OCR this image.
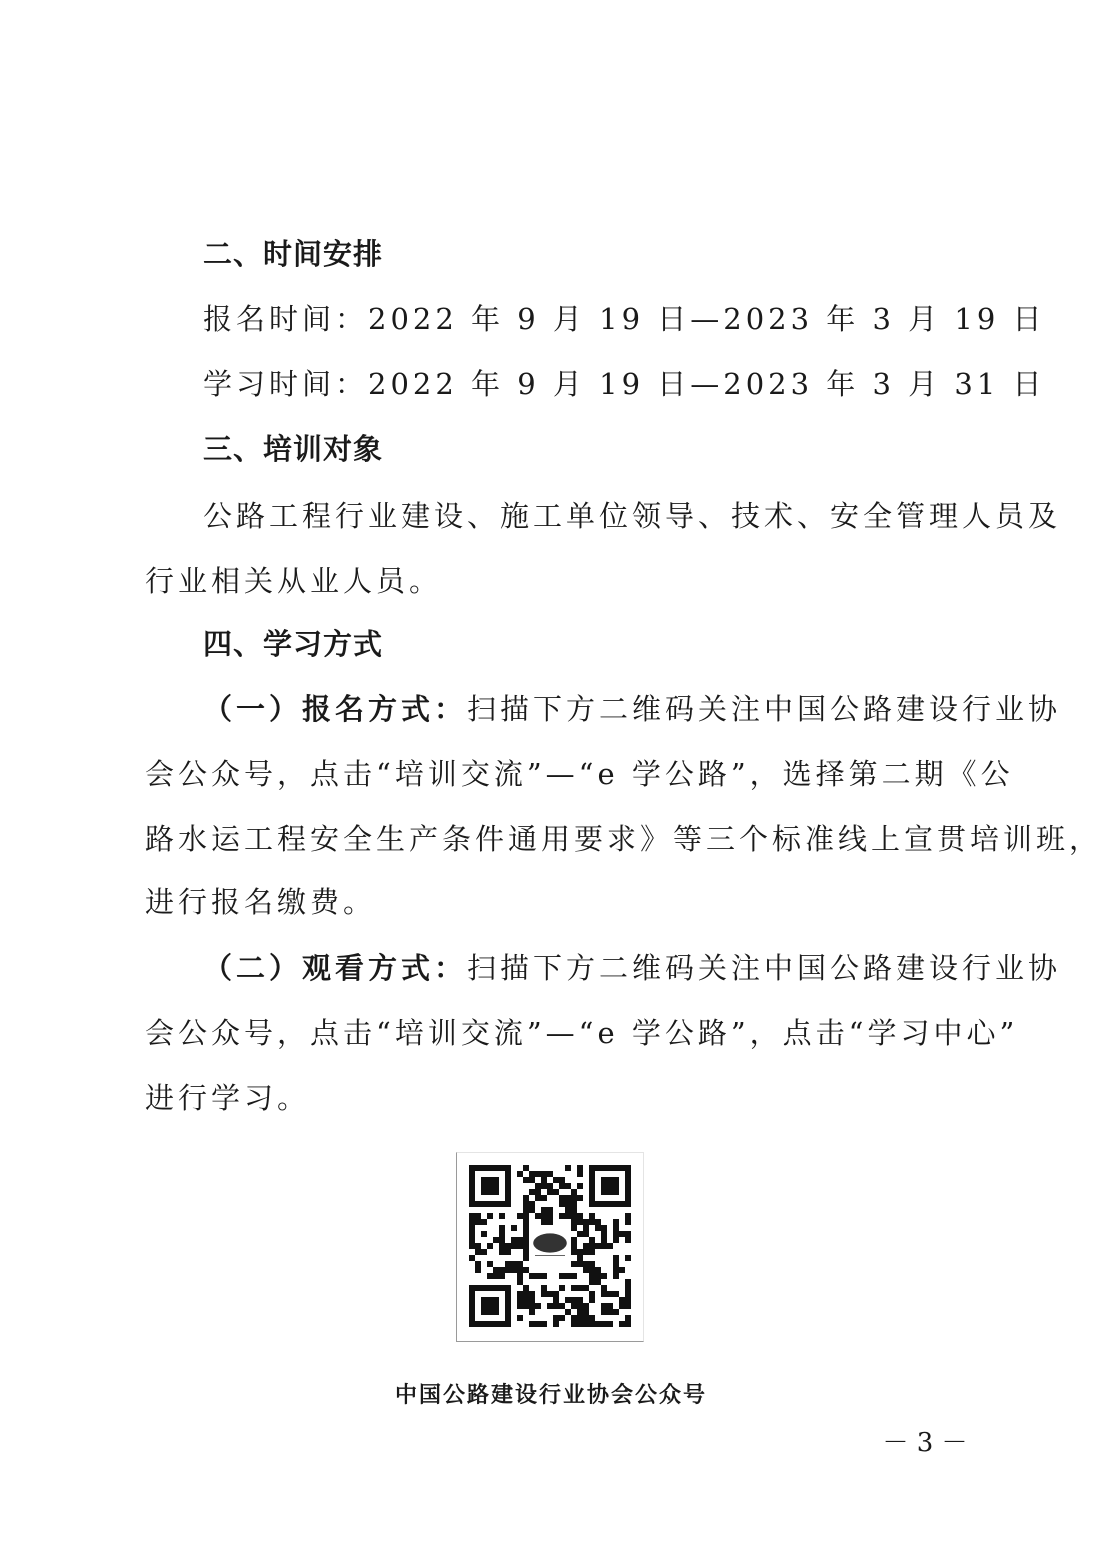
二、时间安排
报名时间：2022 年 9 月 19 日—2023 年 3 月 19 日
学习时间：2022 年 9 月 19 日—2023 年 3 月 31 日
三、培训对象
公路工程行业建设、施工单位领导、技术、安全管理人员及
行业相关从业人员。
四、学习方式
（一）报名方式：扫描下方二维码关注中国公路建设行业协
会公众号，点击“培训交流”—“e 学公路”，选择第二期《公
路水运工程安全生产条件通用要求》等三个标准线上宣贯培训班，
进行报名缴费。
（二）观看方式：扫描下方二维码关注中国公路建设行业协
会公众号，点击“培训交流”—“e 学公路”，点击“学习中心”
进行学习。
中国公路建设行业协会公众号
－ 3 －
